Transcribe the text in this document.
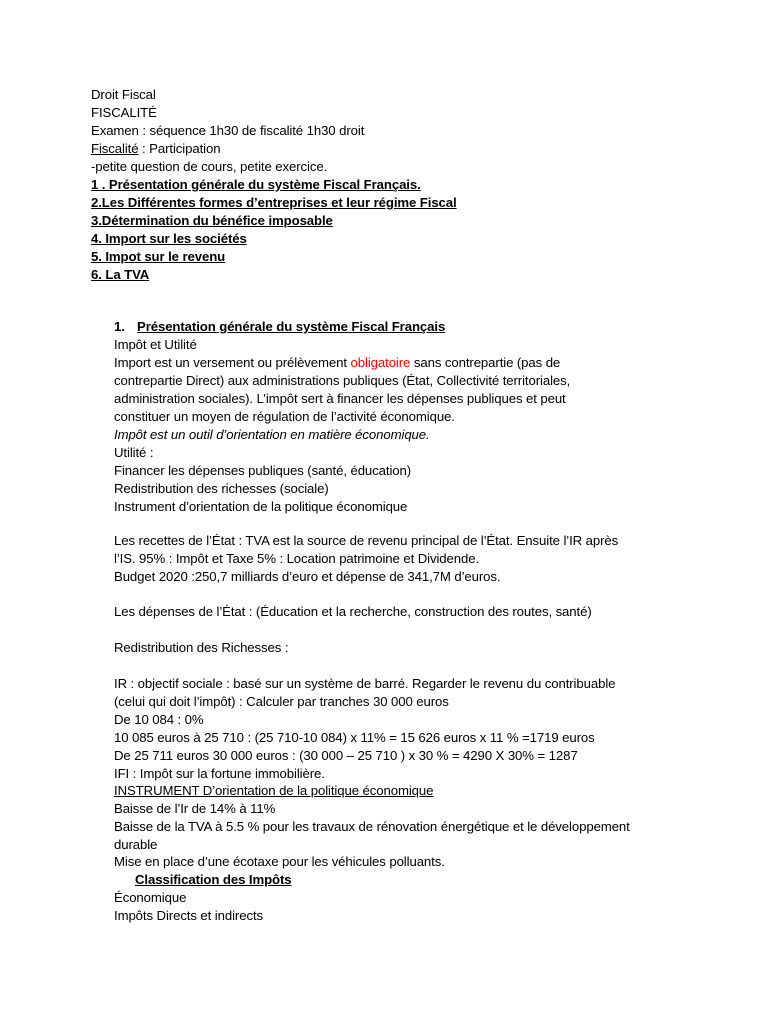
Droit Fiscal
FISCALITÉ
Examen : séquence 1h30 de fiscalité 1h30 droit
Fiscalité : Participation
-petite question de cours, petite exercice.
1 . Présentation générale du système Fiscal Français.
2.Les Différentes formes d’entreprises et leur régime Fiscal
3.Détermination du bénéfice imposable
4. Import sur les sociétés
5. Impot sur le revenu
6. La TVA
1. Présentation générale du système Fiscal Français
Impôt et Utilité
Import est un versement ou prélèvement obligatoire sans contrepartie (pas de
contrepartie Direct) aux administrations publiques (État, Collectivité territoriales,
administration sociales). L’impôt sert à financer les dépenses publiques et peut
constituer un moyen de régulation de l’activité économique.
Impôt est un outil d’orientation en matière économique.
Utilité :
Financer les dépenses publiques (santé, éducation)
Redistribution des richesses (sociale)
Instrument d’orientation de la politique économique
Les recettes de l’État : TVA est la source de revenu principal de l’État. Ensuite l’IR après
l’IS. 95% : Impôt et Taxe 5% : Location patrimoine et Dividende.
Budget 2020 :250,7 milliards d’euro et dépense de 341,7M d’euros.
Les dépenses de l’État : (Éducation et la recherche, construction des routes, santé)
Redistribution des Richesses :
IR : objectif sociale : basé sur un système de barré. Regarder le revenu du contribuable
(celui qui doit l’impôt) : Calculer par tranches 30 000 euros
De 10 084 : 0%
10 085 euros à 25 710 : (25 710-10 084) x 11% = 15 626 euros x 11 % =1719 euros
De 25 711 euros 30 000 euros : (30 000 – 25 710 ) x 30 % = 4290 X 30% = 1287
IFI : Impôt sur la fortune immobilière.
INSTRUMENT D’orientation de la politique économique
Baisse de l’Ir de 14% à 11%
Baisse de la TVA à 5.5 % pour les travaux de rénovation énergétique et le développement
durable
Mise en place d’une écotaxe pour les véhicules polluants.
Classification des Impôts
Économique
Impôts Directs et indirects
